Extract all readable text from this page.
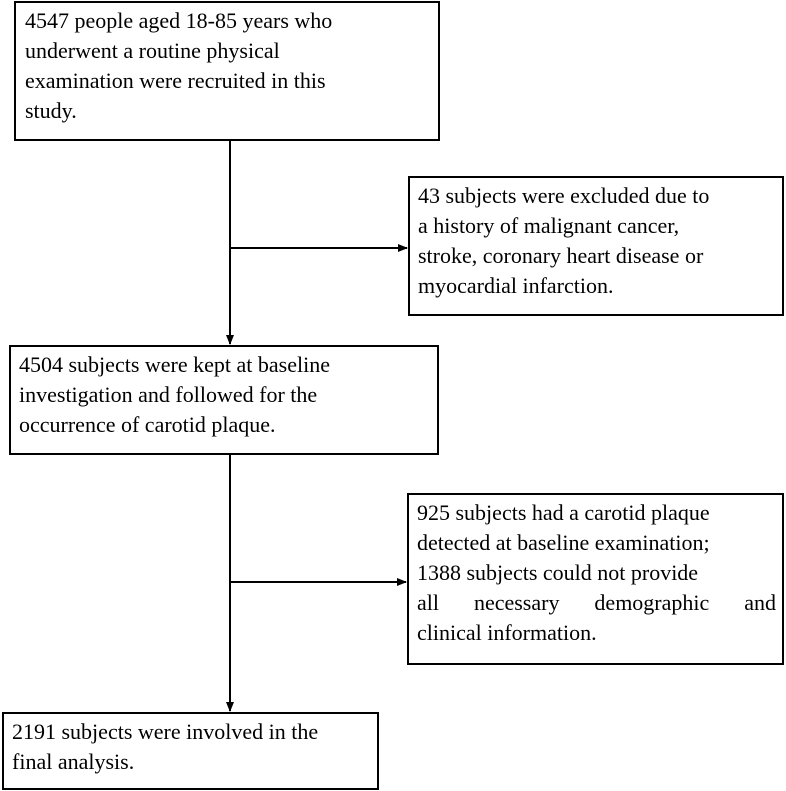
4547 people aged 18-85 years who
underwent a routine physical
examination were recruited in this
study.
43 subjects were excluded due to
a history of malignant cancer,
stroke, coronary heart disease or
myocardial infarction.
4504 subjects were kept at baseline
investigation and followed for the
occurrence of carotid plaque.
925 subjects had a carotid plaque
detected at baseline examination;
1388 subjects could not provide
all necessary demographic and
clinical information.
2191 subjects were involved in the
final analysis.
